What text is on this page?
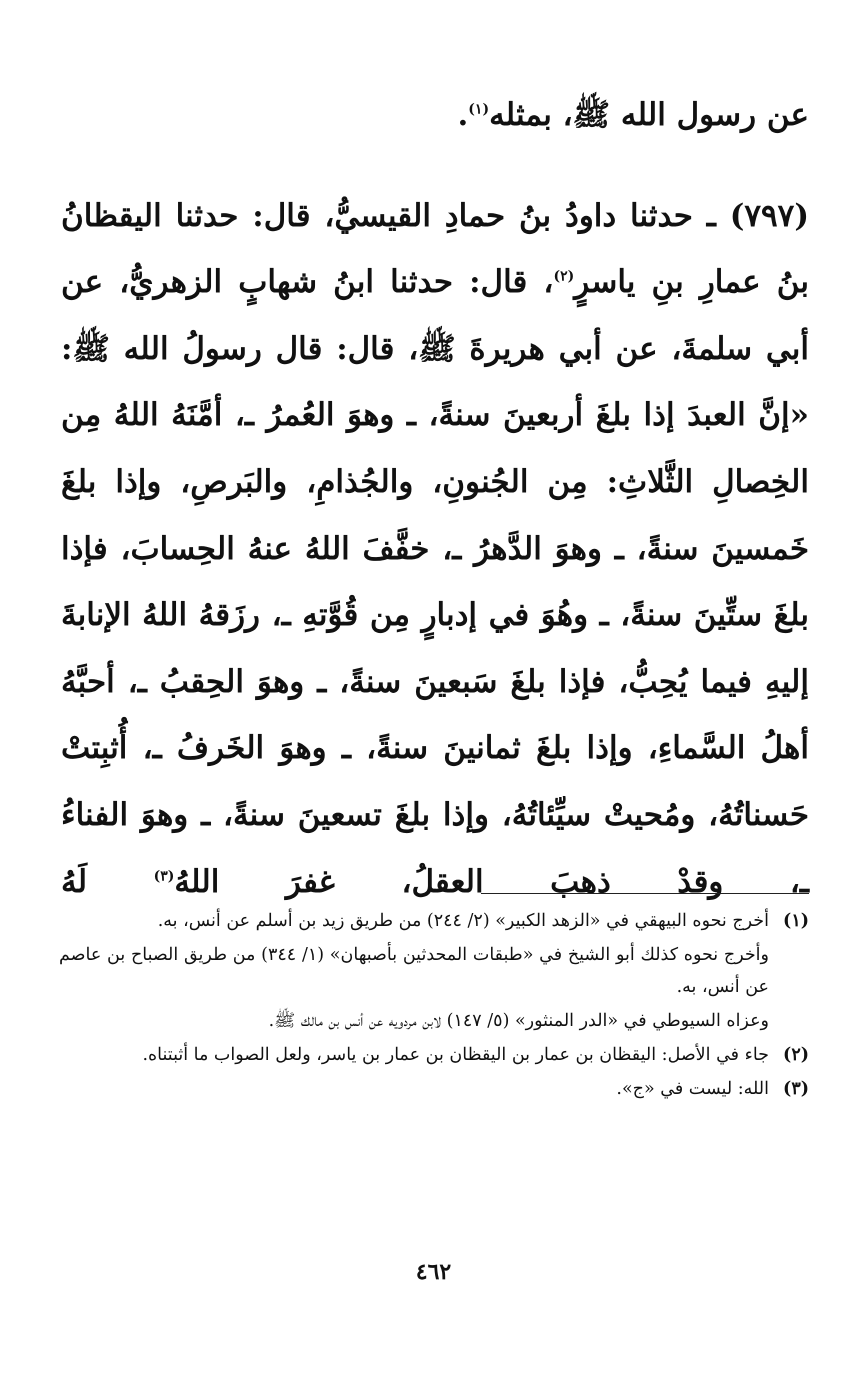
عن رسول الله ﷺ، بمثله$^{(١)}$.

(٧٩٧) ـ حدثنا داودُ بنُ حمادِ القيسيُّ، قال: حدثنا اليقظانُ بنُ عمارِ بنِ ياسرٍ$^{(٢)}$، قال: حدثنا ابنُ شهابٍ الزهريُّ، عن أبي سلمةَ، عن أبي هريرةَ ﷺ، قال: قال رسولُ الله ﷺ: «إنَّ العبدَ إذا بلغَ أربعينَ سنةً، ـ وهوَ العُمرُ ـ، أمَّنَهُ اللهُ مِن الخِصالِ الثَّلاثِ: مِن الجُنونِ، والجُذامِ، والبَرصِ، وإذا بلغَ خَمسينَ سنةً، ـ وهوَ الدَّهرُ ـ، خفَّفَ اللهُ عنهُ الحِسابَ، فإذا بلغَ ستِّينَ سنةً، ـ وهُوَ في إدبارٍ مِن قُوَّتهِ ـ، رزَقهُ اللهُ الإنابةَ إليهِ فيما يُحِبُّ، فإذا بلغَ سَبعينَ سنةً، ـ وهوَ الحِقبُ ـ، أحبَّهُ أهلُ السَّماءِ، وإذا بلغَ ثمانينَ سنةً، ـ وهوَ الخَرفُ ـ، أُثبِتتْ حَسناتُهُ، ومُحيتْ سيِّئاتُهُ، وإذا بلغَ تسعينَ سنةً، ـ وهوَ الفناءُ ـ، وقدْ ذهبَ العقلُ، غفرَ اللهُ$^{(٣)}$ لَهُ

(١)

أخرج نحوه البيهقي في «الزهد الكبير» (٢/ ٢٤٤) من طريق زيد بن أسلم عن أنس، به.

وأخرج نحوه كذلك أبو الشيخ في «طبقات المحدثين بأصبهان» (١/ ٣٤٤) من طريق الصباح بن عاصم عن أنس، به.

وعزاه السيوطي في «الدر المنثور» (٥/ ١٤٧) لابن مردويه عن أنس بن مالك ﷺ.

(٢)

جاء في الأصل: اليقظان بن عمار بن اليقظان بن عمار بن ياسر، ولعل الصواب ما أثبتناه.

(٣)

الله: ليست في «ج».

٤٦٢
